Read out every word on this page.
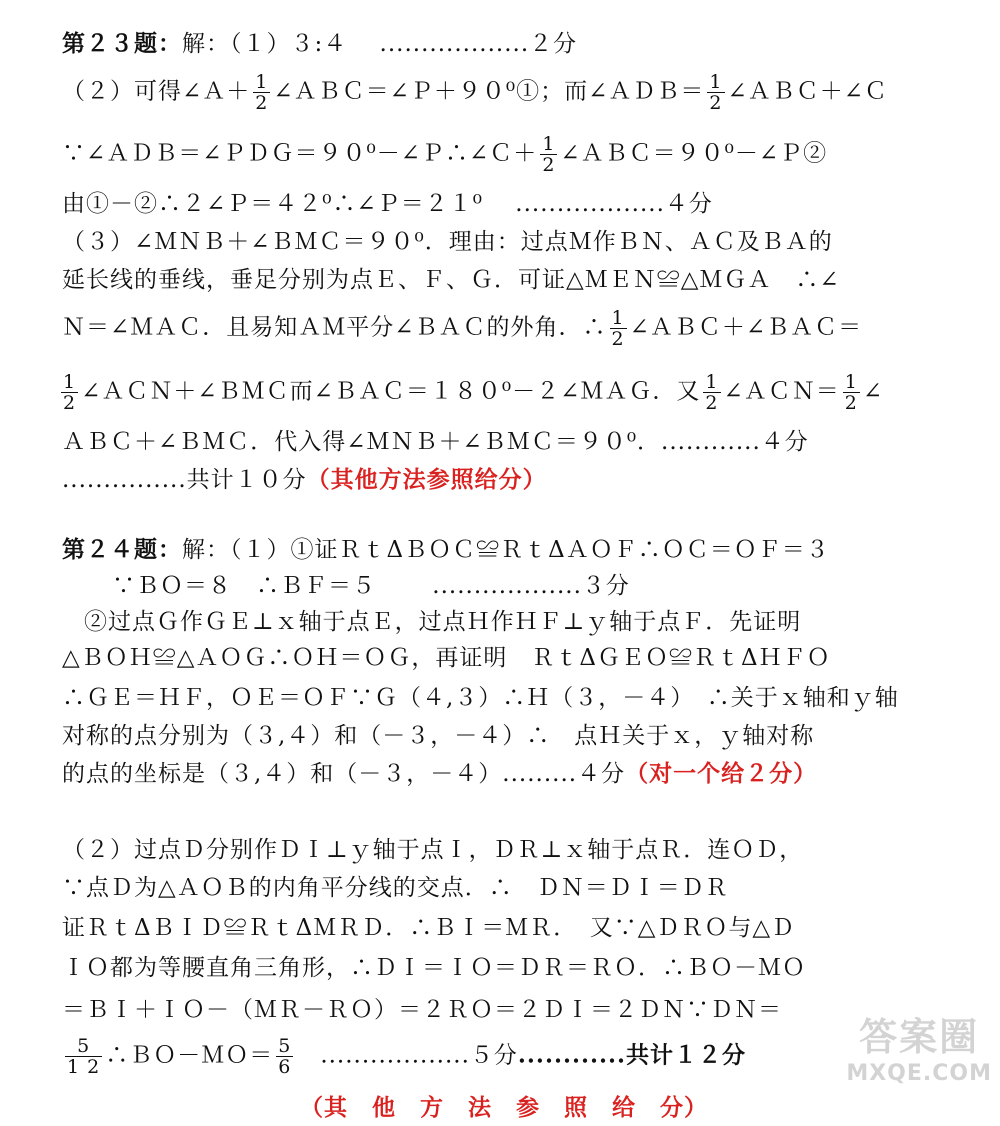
第２３题：解：（１）３:４　 ..................２分
（２）可得∠Ａ＋ $\frac{1}{2}$ ∠ＡＢＣ＝∠Ｐ＋９０⁰①；而∠ＡＤＢ＝ $\frac{1}{2}$ ∠ＡＢＣ＋∠Ｃ
∵∠ＡＤＢ＝∠ＰＤＧ＝９０⁰－∠Ｐ∴∠Ｃ＋ $\frac{1}{2}$ ∠ＡＢＣ＝９０⁰－∠Ｐ②
由①－②∴２∠Ｐ＝４２⁰∴∠Ｐ＝２１⁰　 ..................４分
（３）∠ＭＮＢ＋∠ＢＭＣ＝９０⁰．理由：过点Ｍ作ＢＮ、ＡＣ及ＢＡ的
延长线的垂线，垂足分别为点Ｅ、Ｆ、Ｇ．可证△ＭＥＮ≌△ＭＧＡ　∴∠
Ｎ＝∠ＭＡＣ．且易知ＡＭ平分∠ＢＡＣ的外角．∴ $\frac{1}{2}$ ∠ＡＢＣ＋∠ＢＡＣ＝
$\frac{1}{2}$ ∠ＡＣＮ＋∠ＢＭＣ而∠ＢＡＣ＝１８０⁰－２∠ＭＡＧ．又 $\frac{1}{2}$ ∠ＡＣＮ＝ $\frac{1}{2}$ ∠
ＡＢＣ＋∠ＢＭＣ．代入得∠ＭＮＢ＋∠ＢＭＣ＝９０⁰．............４分
...............共计１０分（其他方法参照给分）
第２４题：解：（１）①证ＲｔΔＢＯＣ≌ＲｔΔＡＯＦ∴ＯＣ＝ＯＦ＝３
∵ＢＯ＝８　∴ＢＦ＝５　　 ..................３分
②过点Ｇ作ＧＥ⊥ｘ轴于点Ｅ，过点Ｈ作ＨＦ⊥ｙ轴于点Ｆ．先证明
△ＢＯＨ≌△ＡＯＧ∴ＯＨ＝ＯＧ，再证明　ＲｔΔＧＥＯ≌ＲｔΔＨＦＯ
∴ＧＥ＝ＨＦ，ＯＥ＝ＯＦ∵Ｇ（４,３）∴Ｈ（３，－４）　∴关于ｘ轴和ｙ轴
对称的点分别为（３,４）和（－３，－４）∴　点Ｈ关于ｘ，ｙ轴对称
的点的坐标是（３,４）和（－３，－４）.........４分（对一个给２分）
（２）过点Ｄ分别作ＤＩ⊥ｙ轴于点Ｉ，ＤＲ⊥ｘ轴于点Ｒ．连ＯＤ，
∵点Ｄ为△ＡＯＢ的内角平分线的交点．∴　ＤＮ＝ＤＩ＝ＤＲ
证ＲｔΔＢＩＤ≌ＲｔΔＭＲＤ．∴ＢＩ＝ＭＲ．　又∵△ＤＲＯ与△Ｄ
ＩＯ都为等腰直角三角形，∴ＤＩ＝ＩＯ＝ＤＲ＝ＲＯ．∴ＢＯ－ＭＯ
＝ＢＩ＋ＩＯ－（ＭＲ－ＲＯ）＝２ＲＯ＝２ＤＩ＝２ＤＮ∵ＤＮ＝
$\frac{5}{1 2}$ ∴ＢＯ－ＭＯ＝ $\frac{5}{6}$ 　..................５分............共计１２分
（其　他　方　法　参　照　给　分）
答案圈
MXQE.COM
